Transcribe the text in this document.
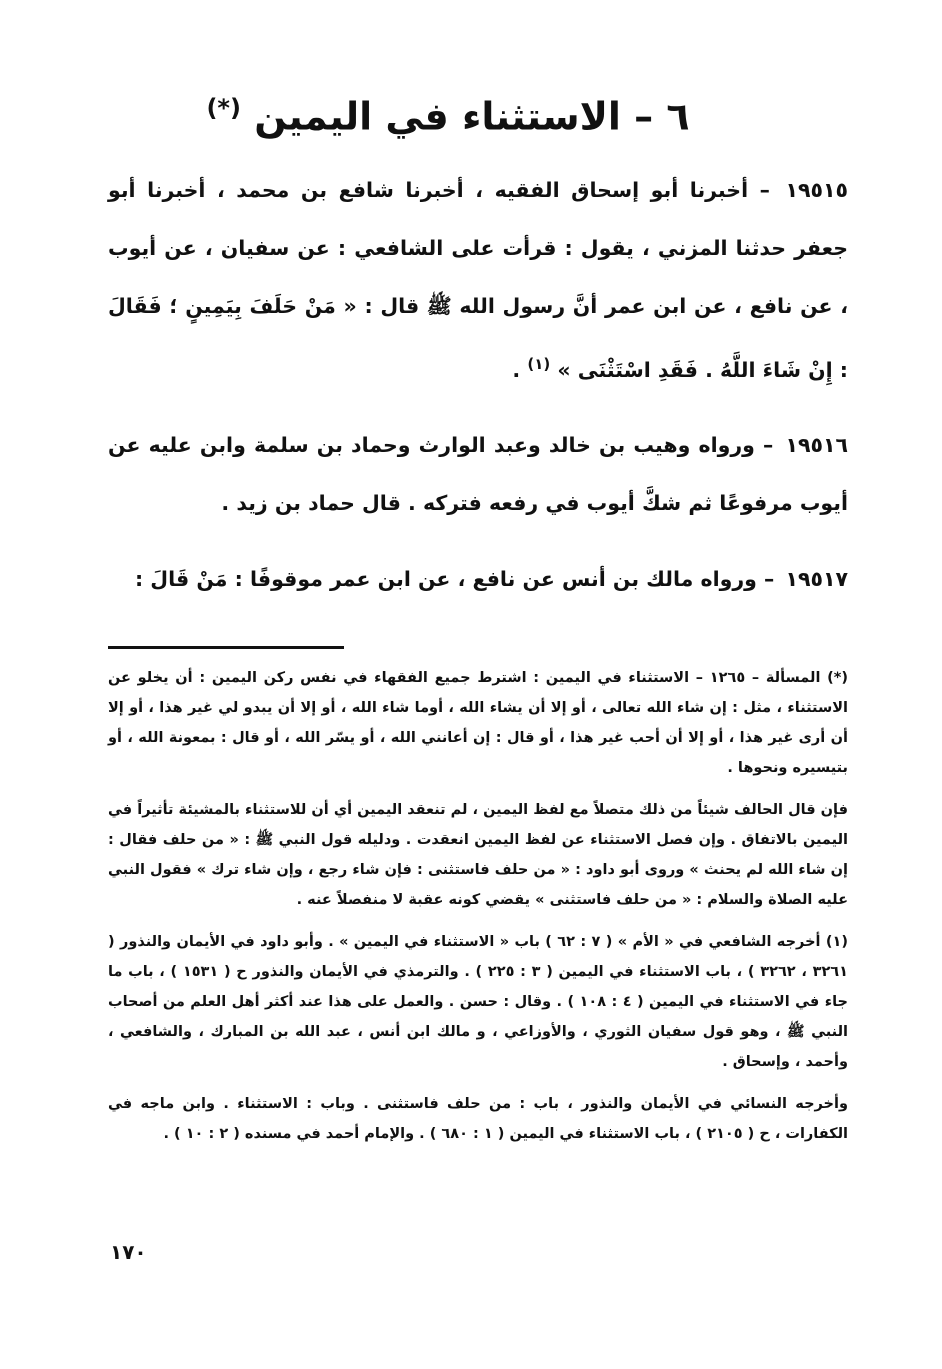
٦ – الاستثناء في اليمين (*)

١٩٥١٥ – أخبرنا أبو إسحاق الفقيه ، أخبرنا شافع بن محمد ، أخبرنا أبو جعفر حدثنا المزني ، يقول : قرأت على الشافعي : عن سفيان ، عن أيوب ، عن نافع ، عن ابن عمر أنَّ رسول الله ﷺ قال : « مَنْ حَلَفَ بِيَمِينٍ ؛ فَقَالَ : إِنْ شَاءَ اللَّهُ . فَقَدِ اسْتَثْنَى » $^{(١)}$ .

١٩٥١٦ – ورواه وهيب بن خالد وعبد الوارث وحماد بن سلمة وابن عليه عن أيوب مرفوعًا ثم شكَّ أيوب في رفعه فتركه . قال حماد بن زيد .

١٩٥١٧ – ورواه مالك بن أنس عن نافع ، عن ابن عمر موقوفًا : مَنْ قَالَ :

(*) المسألة – ١٢٦٥ – الاستثناء في اليمين : اشترط جميع الفقهاء في نفس ركن اليمين : أن يخلو عن الاستثناء ، مثل : إن شاء الله تعالى ، أو إلا أن يشاء الله ، أوما شاء الله ، أو إلا أن يبدو لي غير هذا ، أو إلا أن أرى غير هذا ، أو إلا أن أحب غير هذا ، أو قال : إن أعانني الله ، أو يسّر الله ، أو قال : بمعونة الله ، أو بتيسيره ونحوها .

فإن قال الحالف شيئاً من ذلك متصلاً مع لفظ اليمين ، لم تنعقد اليمين أي أن للاستثناء بالمشيئة تأثيراً في اليمين بالاتفاق . وإن فصل الاستثناء عن لفظ اليمين انعقدت . ودليله قول النبي ﷺ : « من حلف فقال : إن شاء الله لم يحنث » وروى أبو داود : « من حلف فاستثنى : فإن شاء رجع ، وإن شاء ترك » فقول النبي عليه الصلاة والسلام : « من حلف فاستثنى » يقضي كونه عقبة لا منفصلاً عنه .

(١) أخرجه الشافعي في « الأم » ( ٧ : ٦٢ ) باب « الاستثناء في اليمين » . وأبو داود في الأيمان والنذور ( ٣٢٦١ ، ٣٢٦٢ ) ، باب الاستثناء في اليمين ( ٣ : ٢٢٥ ) . والترمذي في الأيمان والنذور ح ( ١٥٣١ ) ، باب ما جاء في الاستثناء في اليمين ( ٤ : ١٠٨ ) . وقال : حسن . والعمل على هذا عند أكثر أهل العلم من أصحاب النبي ﷺ ، وهو قول سفيان الثوري ، والأوزاعي ، و مالك ابن أنس ، عبد الله بن المبارك ، والشافعي ، وأحمد ، وإسحاق .

وأخرجه النسائي في الأيمان والنذور ، باب : من حلف فاستثنى . وباب : الاستثناء . وابن ماجه في الكفارات ، ح ( ٢١٠٥ ) ، باب الاستثناء في اليمين ( ١ : ٦٨٠ ) . والإمام أحمد في مسنده ( ٢ : ١٠ ) .

١٧٠
